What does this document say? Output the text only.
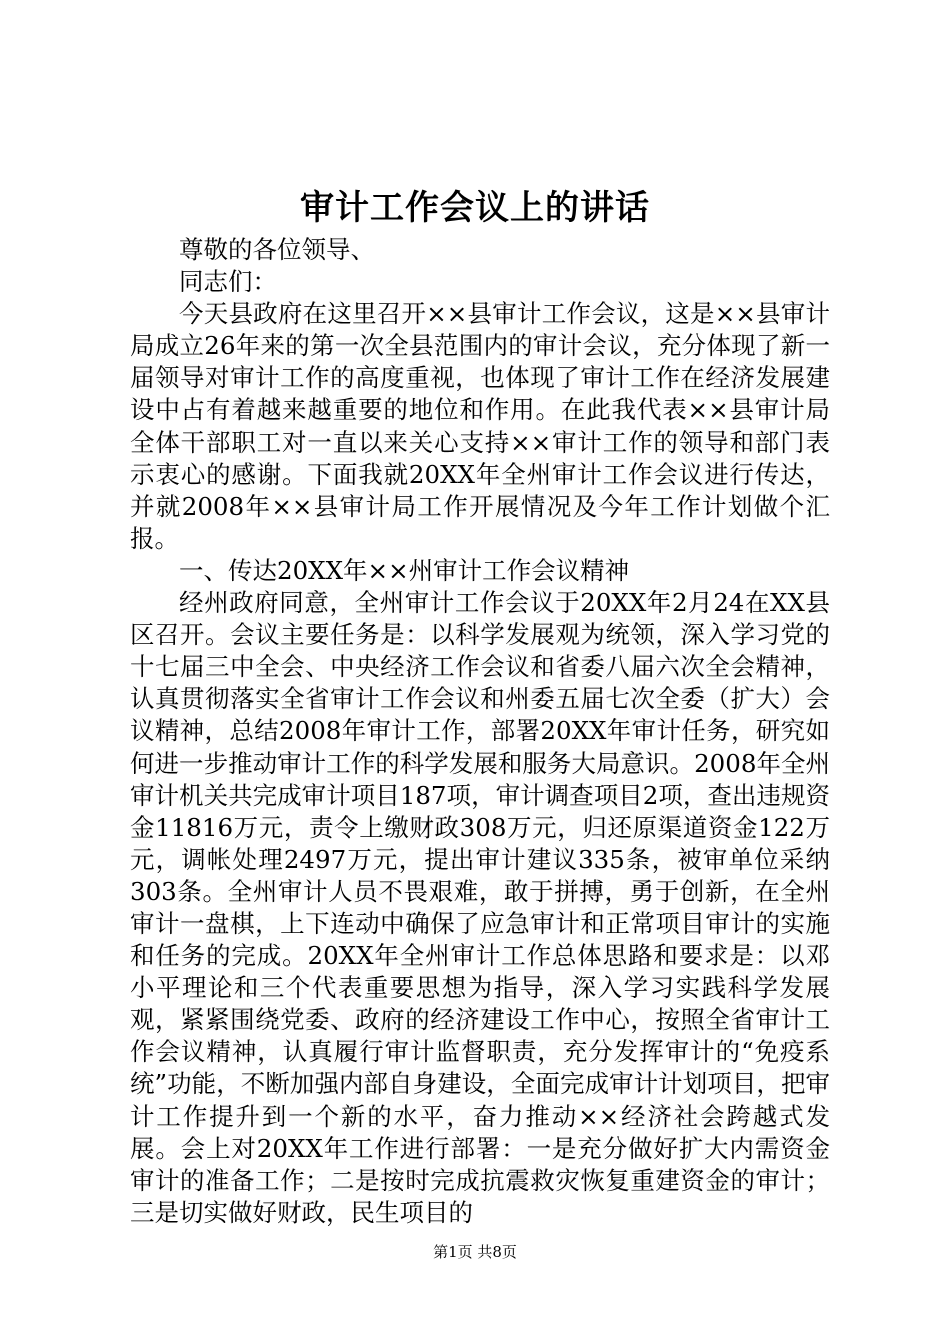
审计工作会议上的讲话

尊敬的各位领导、

同志们：

今天县政府在这里召开××县审计工作会议，这是××县审计局成立26年来的第一次全县范围内的审计会议，充分体现了新一届领导对审计工作的高度重视，也体现了审计工作在经济发展建设中占有着越来越重要的地位和作用。在此我代表××县审计局全体干部职工对一直以来关心支持××审计工作的领导和部门表示衷心的感谢。下面我就20XX年全州审计工作会议进行传达，并就2008年××县审计局工作开展情况及今年工作计划做个汇报。

一、传达20XX年××州审计工作会议精神

经州政府同意，全州审计工作会议于20XX年2月24在XX县区召开。会议主要任务是：以科学发展观为统领，深入学习党的十七届三中全会、中央经济工作会议和省委八届六次全会精神，认真贯彻落实全省审计工作会议和州委五届七次全委（扩大）会议精神，总结2008年审计工作，部署20XX年审计任务，研究如何进一步推动审计工作的科学发展和服务大局意识。2008年全州审计机关共完成审计项目187项，审计调查项目2项，查出违规资金11816万元，责令上缴财政308万元，归还原渠道资金122万元，调帐处理2497万元，提出审计建议335条，被审单位采纳303条。全州审计人员不畏艰难，敢于拼搏，勇于创新，在全州审计一盘棋，上下连动中确保了应急审计和正常项目审计的实施和任务的完成。20XX年全州审计工作总体思路和要求是：以邓小平理论和三个代表重要思想为指导，深入学习实践科学发展观，紧紧围绕党委、政府的经济建设工作中心，按照全省审计工作会议精神，认真履行审计监督职责，充分发挥审计的“免疫系统”功能，不断加强内部自身建设，全面完成审计计划项目，把审计工作提升到一个新的水平，奋力推动××经济社会跨越式发展。会上对20XX年工作进行部署：一是充分做好扩大内需资金审计的准备工作；二是按时完成抗震救灾恢复重建资金的审计；三是切实做好财政，民生项目的

第1页 共8页
